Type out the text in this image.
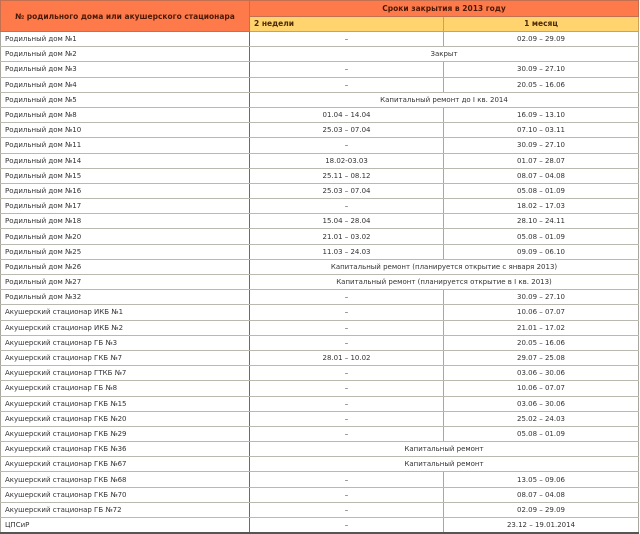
№ родильного дома или акушерского стационара	Сроки закрытия в 2013 году	
	2 недели	1 месяц
Родильный дом №1	–	02.09 – 29.09
Родильный дом №2	Закрыт	
Родильный дом №3	–	30.09 – 27.10
Родильный дом №4	–	20.05 – 16.06
Родильный дом №5	Капитальный ремонт до I кв. 2014	
Родильный дом №8	01.04 – 14.04	16.09 – 13.10
Родильный дом №10	25.03 – 07.04	07.10 – 03.11
Родильный дом №11	–	30.09 – 27.10
Родильный дом №14	18.02-03.03	01.07 – 28.07
Родильный дом №15	25.11 – 08.12	08.07 – 04.08
Родильный дом №16	25.03 – 07.04	05.08 – 01.09
Родильный дом №17	–	18.02 – 17.03
Родильный дом №18	15.04 – 28.04	28.10 – 24.11
Родильный дом №20	21.01 – 03.02	05.08 – 01.09
Родильный дом №25	11.03 – 24.03	09.09 – 06.10
Родильный дом №26	Капитальный ремонт (планируется открытие с января 2013)	
Родильный дом №27	Капитальный ремонт (планируется открытие в I кв. 2013)	
Родильный дом №32	–	30.09 – 27.10
Акушерский стационар ИКБ №1	–	10.06 – 07.07
Акушерский стационар ИКБ №2	–	21.01 – 17.02
Акушерский стационар ГБ №3	–	20.05 – 16.06
Акушерский стационар ГКБ №7	28.01 – 10.02	29.07 – 25.08
Акушерский стационар ГТКБ №7	–	03.06 – 30.06
Акушерский стационар ГБ №8	–	10.06 – 07.07
Акушерский стационар ГКБ №15	–	03.06 – 30.06
Акушерский стационар ГКБ №20	–	25.02 – 24.03
Акушерский стационар ГКБ №29	–	05.08 – 01.09
Акушерский стационар ГКБ №36	Капитальный ремонт	
Акушерский стационар ГКБ №67	Капитальный ремонт	
Акушерский стационар ГКБ №68	–	13.05 – 09.06
Акушерский стационар ГКБ №70	–	08.07 – 04.08
Акушерский стационар ГБ №72	–	02.09 – 29.09
ЦПСиР	–	23.12 – 19.01.2014
